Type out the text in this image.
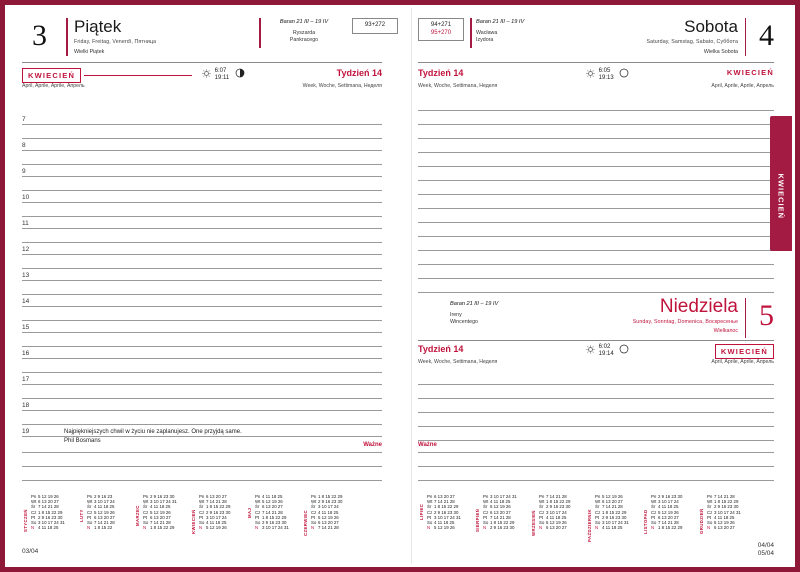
3 Piątek
Friday, Freitag, Venerdì, Пятница
Wielki Piątek
Baran 21 III – 19 IV
Ryszarda
Pankracego
93+272
KWIECIEŃ
April, Aprile, Aprile, Апрель
6:07
19:11	Tydzień 14
Week, Woche, Settimana, Неделя
7
8
9
10
11
12
13
14
15
16
17
18
19	Najpiękniejszych chwil w życiu nie zaplanujesz. One przyjdą same.
Phil Bosmans
Ważne
STYCZEŃ
Pn 5 12 19 26
Wt 6 13 20 27
Śr 7 14 21 28
Cz 1 8 15 22 29
Pt 2 9 16 23 30
So 3 10 17 24 31
N 4 11 18 25
LUTY
Pn 2 9 16 23
Wt 3 10 17 24
Śr 4 11 18 25
Cz 5 12 19 26
Pt 6 13 20 27
So 7 14 21 28
N 1 8 15 22
MARZEC
Pn 2 9 16 23 30
Wt 3 10 17 24 31
Śr 4 11 18 25
Cz 5 12 19 26
Pt 6 13 20 27
So 7 14 21 28
N 1 8 15 22 29	KWIECIEŃ
Pn 6 13 20 27
Wt 7 14 21 28
Śr 1 8 15 22 29
Cz 2 9 16 23 30
Pt 3 10 17 24
So 4 11 18 25
N 5 12 19 26
MAJ
Pn 4 11 18 25
Wt 5 12 19 26
Śr 6 13 20 27
Cz 7 14 21 28
Pt 1 8 15 22 29
So 2 9 16 23 30
N 3 10 17 24 31	CZERWIEC
Pn 1 8 15 22 29
Wt 2 9 16 23 30
Śr 3 10 17 24
Cz 4 11 18 25
Pt 5 12 19 26
So 6 13 20 27
N 7 14 21 28
03/04
94+271
95+270
Baran 21 III – 19 IV
Wacława
Izydora
Sobota
Saturday, Samstag, Sabato, Суббота
Wielka Sobota 4
Tydzień 14
Week, Woche, Settimana, Неделя
6:05
19:13
KWIECIEŃ
April, Aprile, Aprile, Апрель
Baran 21 III – 19 IV
Ireny
Wincentego
Niedziela
Sunday, Sonntag, Domenica, Воскресенье
Wielkanoc 5
Tydzień 14
Week, Woche, Settimana, Неделя
6:02
19:14	KWIECIEŃ
April, Aprile, Aprile, Апрель
Ważne
LIPIEC
Pn 6 13 20 27
Wt 7 14 21 28
Śr 1 8 15 22 29
Cz 2 9 16 23 30
Pt 3 10 17 24 31
So 4 11 18 25
N 5 12 19 26	SIERPIEŃ
Pn 3 10 17 24 31
Wt 4 11 18 25
Śr 5 12 19 26
Cz 6 13 20 27
Pt 7 14 21 28
So 1 8 15 22 29
N 2 9 16 23 30	WRZESIEŃ
Pn 7 14 21 28
Wt 1 8 15 22 29
Śr 2 9 16 23 30
Cz 3 10 17 24
Pt 4 11 18 25
So 5 12 19 26
N 6 13 20 27	PAŹDZIERNIK
Pn 5 12 19 26
Wt 6 13 20 27
Śr 7 14 21 28
Cz 1 8 15 22 29
Pt 2 9 16 23 30
So 3 10 17 24 31
N 4 11 18 25	LISTOPAD
Pn 2 9 16 23 30
Wt 3 10 17 24
Śr 4 11 18 25
Cz 5 12 19 26
Pt 6 13 20 27
So 7 14 21 28
N 1 8 15 22 29	GRUDZIEŃ
Pn 7 14 21 28
Wt 1 8 15 22 29
Śr 2 9 16 23 30
Cz 3 10 17 24 31
Pt 4 11 18 25
So 5 12 19 26
N 6 13 20 27
04/04
05/04
KWIECIEŃ
